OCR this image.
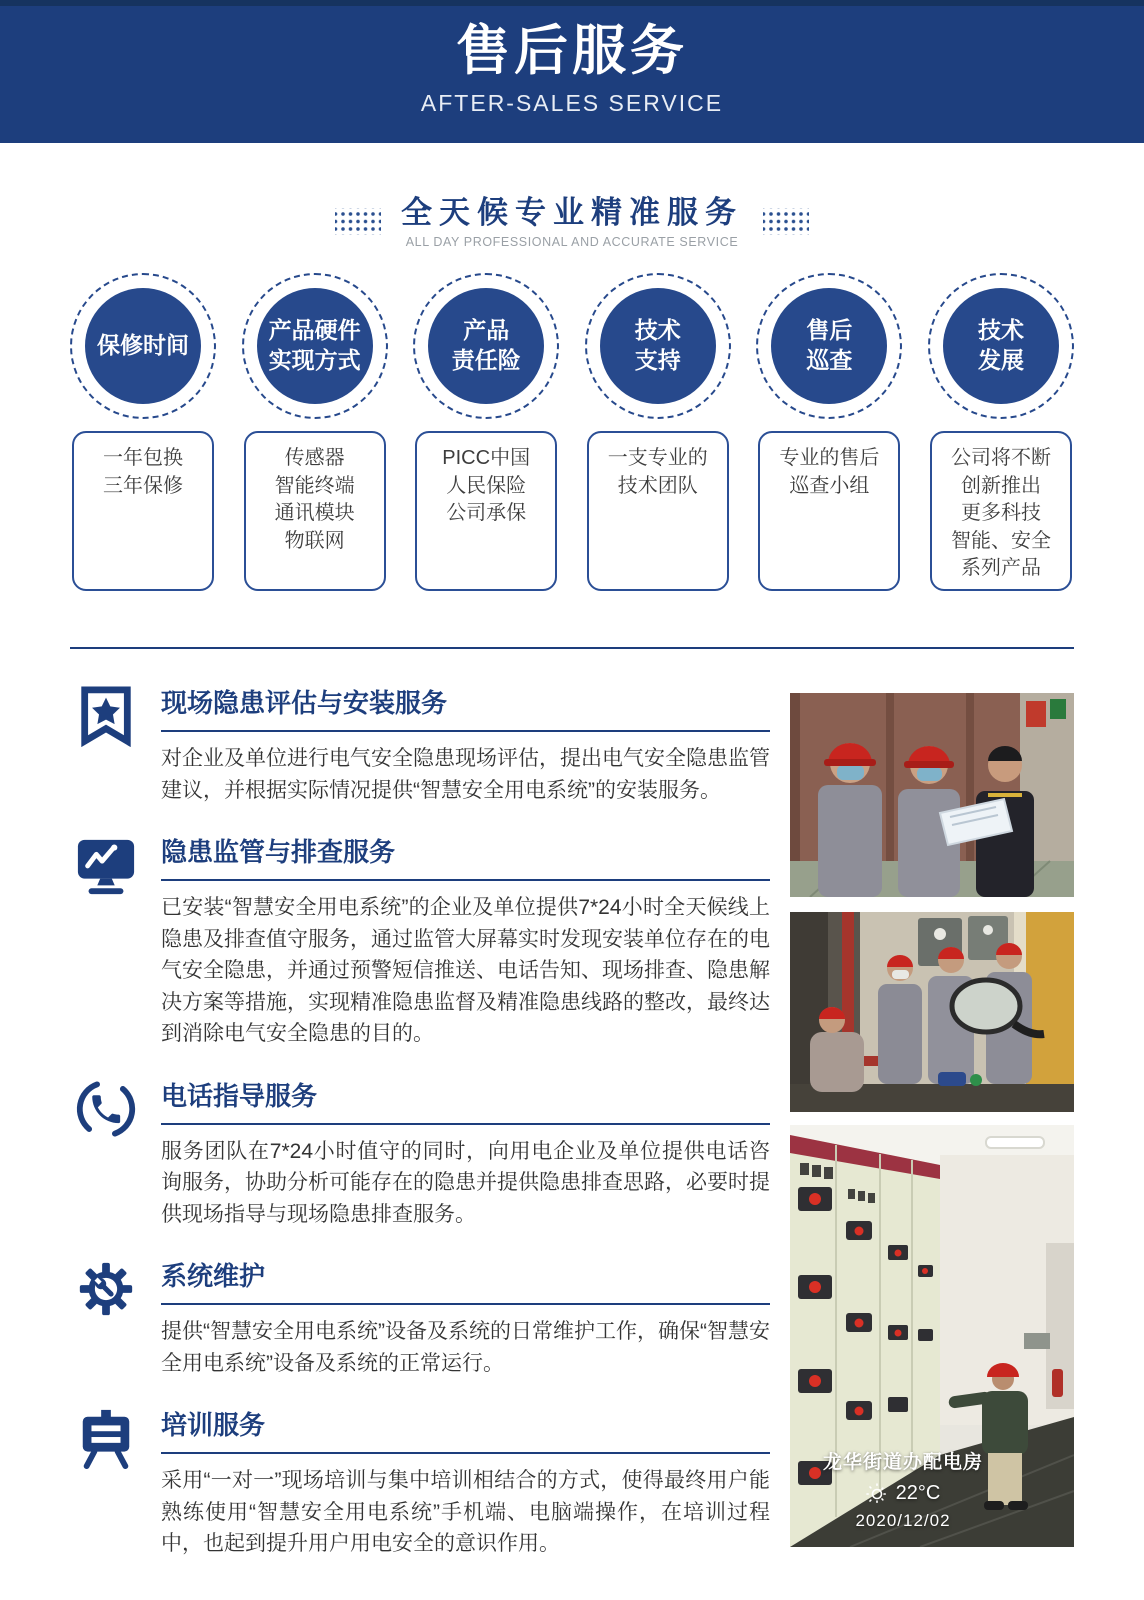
售后服务
AFTER-SALES SERVICE
全天候专业精准服务
ALL DAY PROFESSIONAL AND ACCURATE SERVICE
保修时间
一年包换
三年保修
产品硬件
实现方式
传感器
智能终端
通讯模块
物联网
产品
责任险
PICC中国
人民保险
公司承保
技术
支持
一支专业的
技术团队
售后
巡查
专业的售后
巡查小组
技术
发展
公司将不断
创新推出
更多科技
智能、安全
系列产品
现场隐患评估与安装服务
对企业及单位进行电气安全隐患现场评估，提出电气安全隐患监管建议，并根据实际情况提供“智慧安全用电系统”的安装服务。
隐患监管与排查服务
已安装“智慧安全用电系统”的企业及单位提供7*24小时全天候线上隐患及排查值守服务，通过监管大屏幕实时发现安装单位存在的电气安全隐患，并通过预警短信推送、电话告知、现场排查、隐患解决方案等措施，实现精准隐患监督及精准隐患线路的整改，最终达到消除电气安全隐患的目的。
电话指导服务
服务团队在7*24小时值守的同时，向用电企业及单位提供电话咨询服务，协助分析可能存在的隐患并提供隐患排查思路，必要时提供现场指导与现场隐患排查服务。
系统维护
提供“智慧安全用电系统”设备及系统的日常维护工作，确保“智慧安全用电系统”设备及系统的正常运行。
培训服务
采用“一对一”现场培训与集中培训相结合的方式，使得最终用户能熟练使用“智慧安全用电系统”手机端、电脑端操作，在培训过程中，也起到提升用户用电安全的意识作用。
龙华街道办配电房
22°C
2020/12/02
